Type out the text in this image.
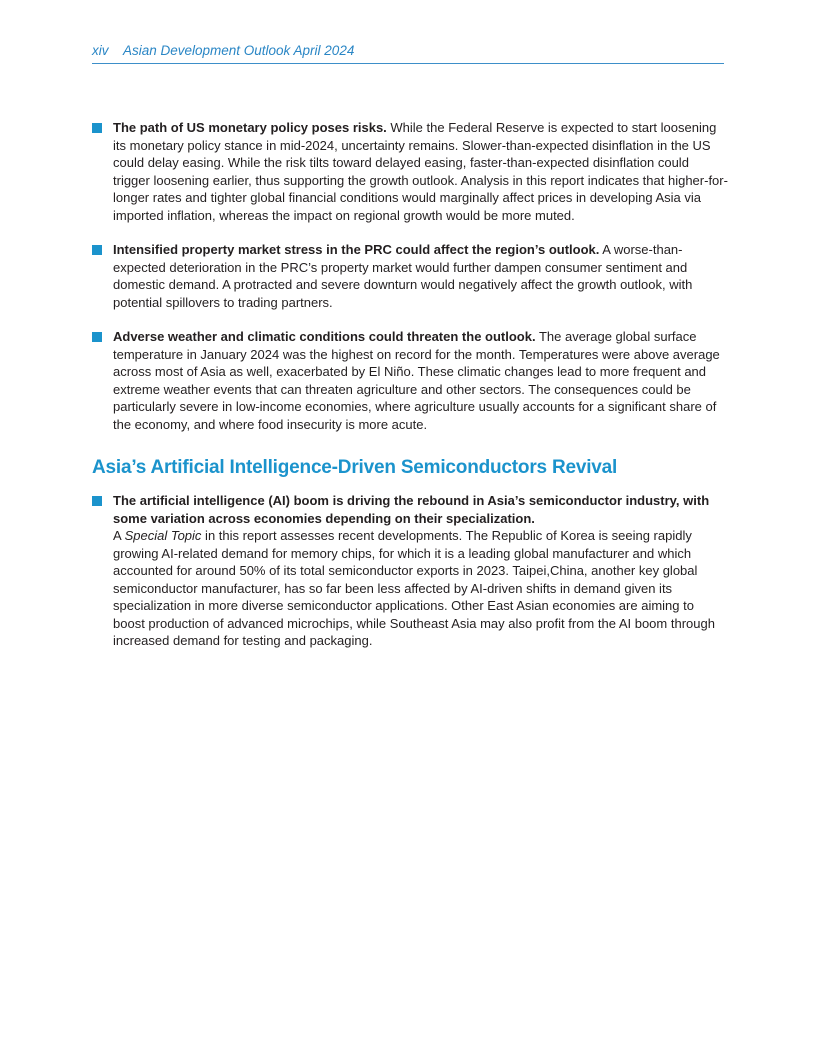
xiv Asian Development Outlook April 2024
The path of US monetary policy poses risks. While the Federal Reserve is expected to start loosening its monetary policy stance in mid-2024, uncertainty remains. Slower-than-expected disinflation in the US could delay easing. While the risk tilts toward delayed easing, faster-than-expected disinflation could trigger loosening earlier, thus supporting the growth outlook. Analysis in this report indicates that higher-for-longer rates and tighter global financial conditions would marginally affect prices in developing Asia via imported inflation, whereas the impact on regional growth would be more muted.
Intensified property market stress in the PRC could affect the region’s outlook. A worse-than-expected deterioration in the PRC’s property market would further dampen consumer sentiment and domestic demand. A protracted and severe downturn would negatively affect the growth outlook, with potential spillovers to trading partners.
Adverse weather and climatic conditions could threaten the outlook. The average global surface temperature in January 2024 was the highest on record for the month. Temperatures were above average across most of Asia as well, exacerbated by El Niño. These climatic changes lead to more frequent and extreme weather events that can threaten agriculture and other sectors. The consequences could be particularly severe in low-income economies, where agriculture usually accounts for a significant share of the economy, and where food insecurity is more acute.
Asia’s Artificial Intelligence-Driven Semiconductors Revival
The artificial intelligence (AI) boom is driving the rebound in Asia’s semiconductor industry, with some variation across economies depending on their specialization.
A Special Topic in this report assesses recent developments. The Republic of Korea is seeing rapidly growing AI-related demand for memory chips, for which it is a leading global manufacturer and which accounted for around 50% of its total semiconductor exports in 2023. Taipei,China, another key global semiconductor manufacturer, has so far been less affected by AI-driven shifts in demand given its specialization in more diverse semiconductor applications. Other East Asian economies are aiming to boost production of advanced microchips, while Southeast Asia may also profit from the AI boom through increased demand for testing and packaging.
